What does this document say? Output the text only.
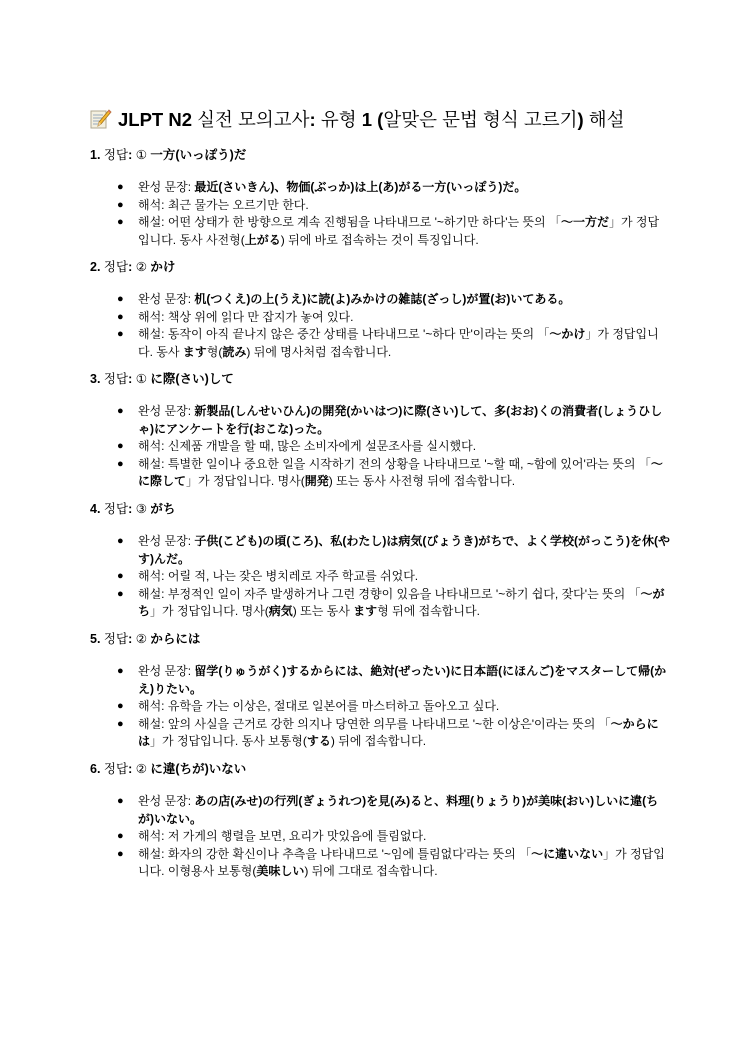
JLPT N2 실전 모의고사: 유형 1 (알맞은 문법 형식 고르기) 해설
1. 정답: ① 一方(いっぽう)だ
● 완성 문장: 最近(さいきん)、物価(ぶっか)は上(あ)がる一方(いっぽう)だ。
● 해석: 최근 물가는 오르기만 한다.
● 해설: 어떤 상태가 한 방향으로 계속 진행됨을 나타내므로 '~하기만 하다'는 뜻의 「～一方だ」가 정답입니다. 동사 사전형(上がる) 뒤에 바로 접속하는 것이 특징입니다.
2. 정답: ② かけ
● 완성 문장: 机(つくえ)の上(うえ)に読(よ)みかけの雑誌(ざっし)が置(お)いてある。
● 해석: 책상 위에 읽다 만 잡지가 놓여 있다.
● 해설: 동작이 아직 끝나지 않은 중간 상태를 나타내므로 '~하다 만'이라는 뜻의 「～かけ」가 정답입니다. 동사 ます형(読み) 뒤에 명사처럼 접속합니다.
3. 정답: ① に際(さい)して
● 완성 문장: 新製品(しんせいひん)の開発(かいはつ)に際(さい)して、多(おお)くの消費者(しょうひしゃ)にアンケートを行(おこな)った。
● 해석: 신제품 개발을 할 때, 많은 소비자에게 설문조사를 실시했다.
● 해설: 특별한 일이나 중요한 일을 시작하기 전의 상황을 나타내므로 '~할 때, ~함에 있어'라는 뜻의 「～に際して」가 정답입니다. 명사(開発) 또는 동사 사전형 뒤에 접속합니다.
4. 정답: ③ がち
● 완성 문장: 子供(こども)の頃(ころ)、私(わたし)は病気(びょうき)がちで、よく学校(がっこう)を休(やす)んだ。
● 해석: 어릴 적, 나는 잦은 병치레로 자주 학교를 쉬었다.
● 해설: 부정적인 일이 자주 발생하거나 그런 경향이 있음을 나타내므로 '~하기 쉽다, 잦다'는 뜻의 「～がち」가 정답입니다. 명사(病気) 또는 동사 ます형 뒤에 접속합니다.
5. 정답: ② からには
● 완성 문장: 留学(りゅうがく)するからには、絶対(ぜったい)に日本語(にほんご)をマスターして帰(かえ)りたい。
● 해석: 유학을 가는 이상은, 절대로 일본어를 마스터하고 돌아오고 싶다.
● 해설: 앞의 사실을 근거로 강한 의지나 당연한 의무를 나타내므로 '~한 이상은'이라는 뜻의 「～からには」가 정답입니다. 동사 보통형(する) 뒤에 접속합니다.
6. 정답: ② に違(ちが)いない
● 완성 문장: あの店(みせ)の行列(ぎょうれつ)を見(み)ると、料理(りょうり)が美味(おい)しいに違(ちが)いない。
● 해석: 저 가게의 행렬을 보면, 요리가 맛있음에 틀림없다.
● 해설: 화자의 강한 확신이나 추측을 나타내므로 '~임에 틀림없다'라는 뜻의 「～に違いない」가 정답입니다. 이형용사 보통형(美味しい) 뒤에 그대로 접속합니다.
